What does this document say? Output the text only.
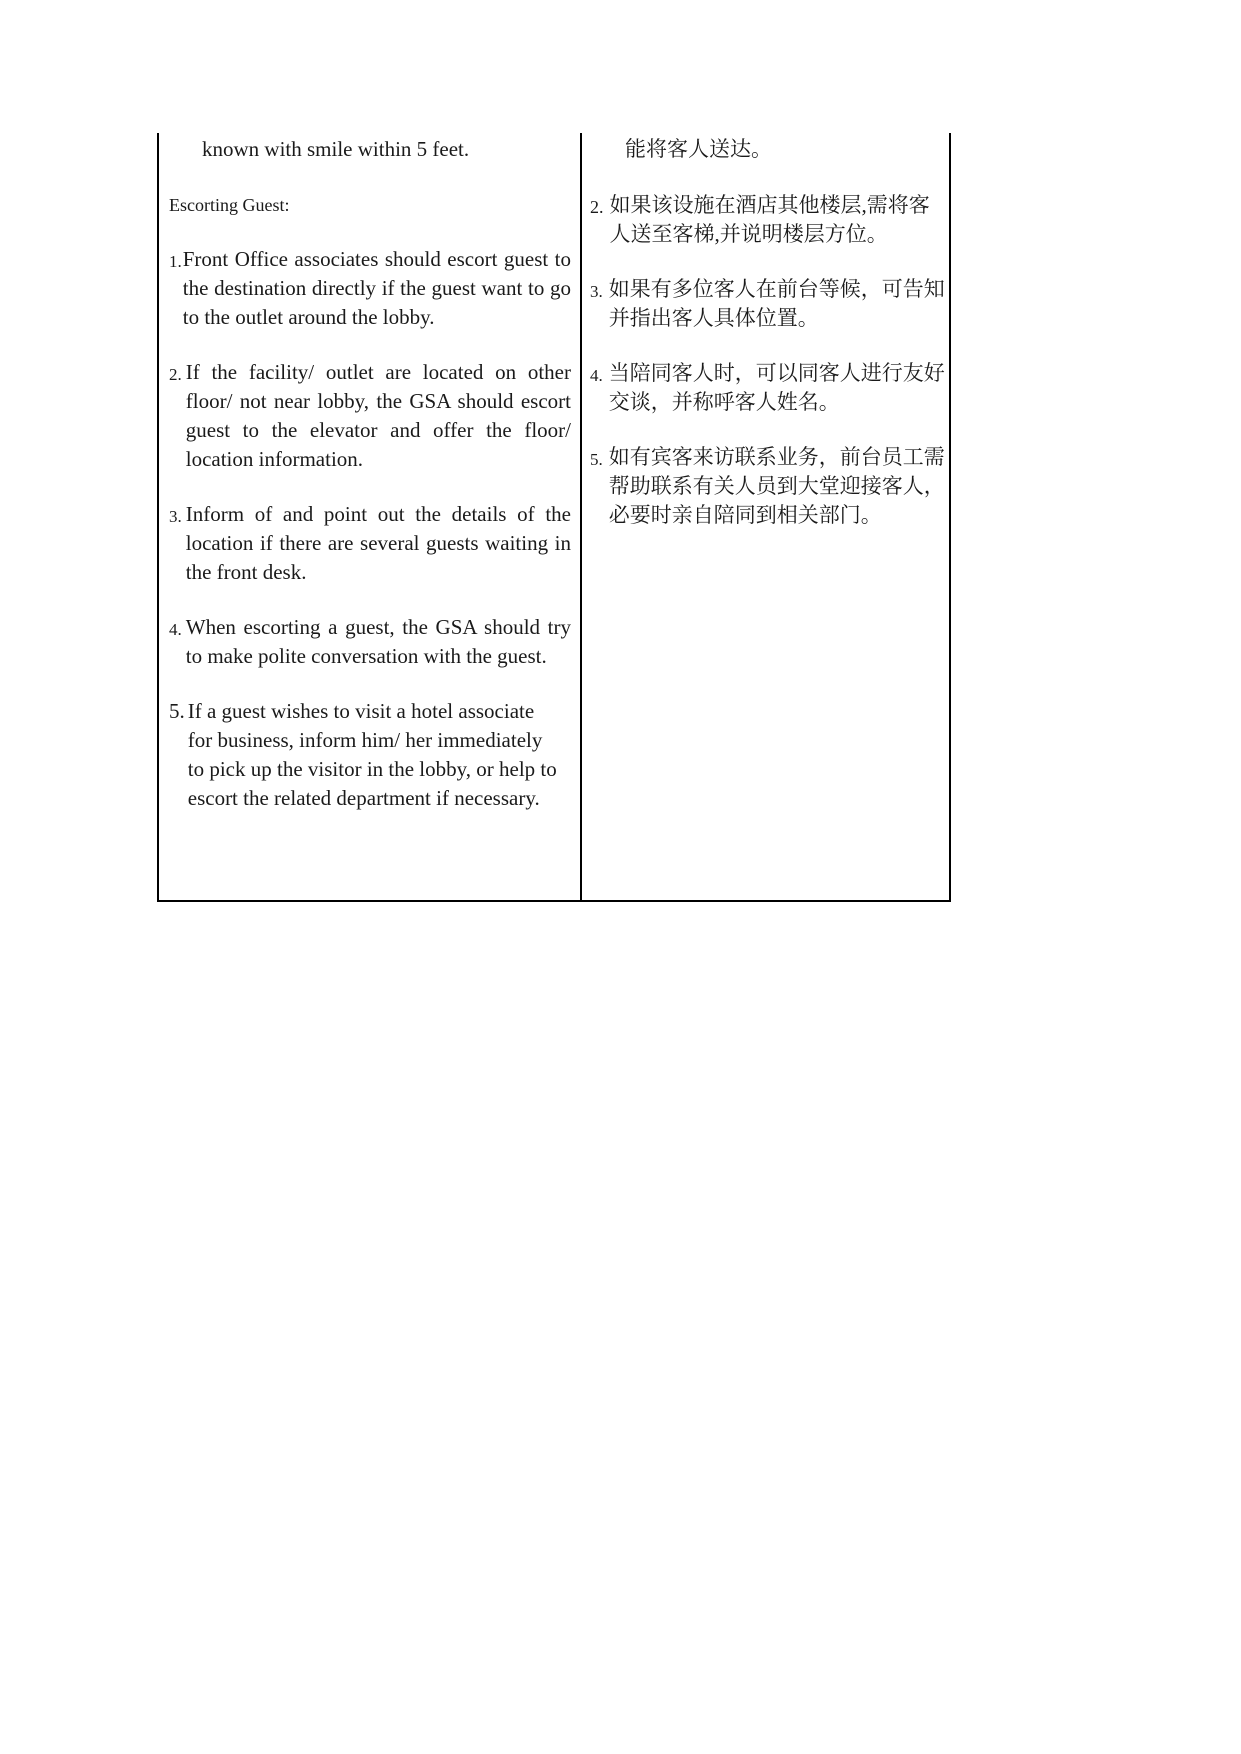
known with smile within 5 feet.

Escorting Guest:

1. Front Office associates should escort guest to the destination directly if the guest want to go to the outlet around the lobby.
2. If the facility/ outlet are located on other floor/ not near lobby, the GSA should escort guest to the elevator and offer the floor/ location information.
3. Inform of and point out the details of the location if there are several guests waiting in the front desk.
4. When escorting a guest, the GSA should try to make polite conversation with the guest.
5. If a guest wishes to visit a hotel associate for business, inform him/ her immediately to pick up the visitor in the lobby, or help to escort the related department if necessary.

能将客人送达。

2. 如果该设施在酒店其他楼层,需将客人送至客梯,并说明楼层方位。
3. 如果有多位客人在前台等候，可告知并指出客人具体位置。
4. 当陪同客人时，可以同客人进行友好交谈，并称呼客人姓名。
5. 如有宾客来访联系业务，前台员工需帮助联系有关人员到大堂迎接客人，必要时亲自陪同到相关部门。
